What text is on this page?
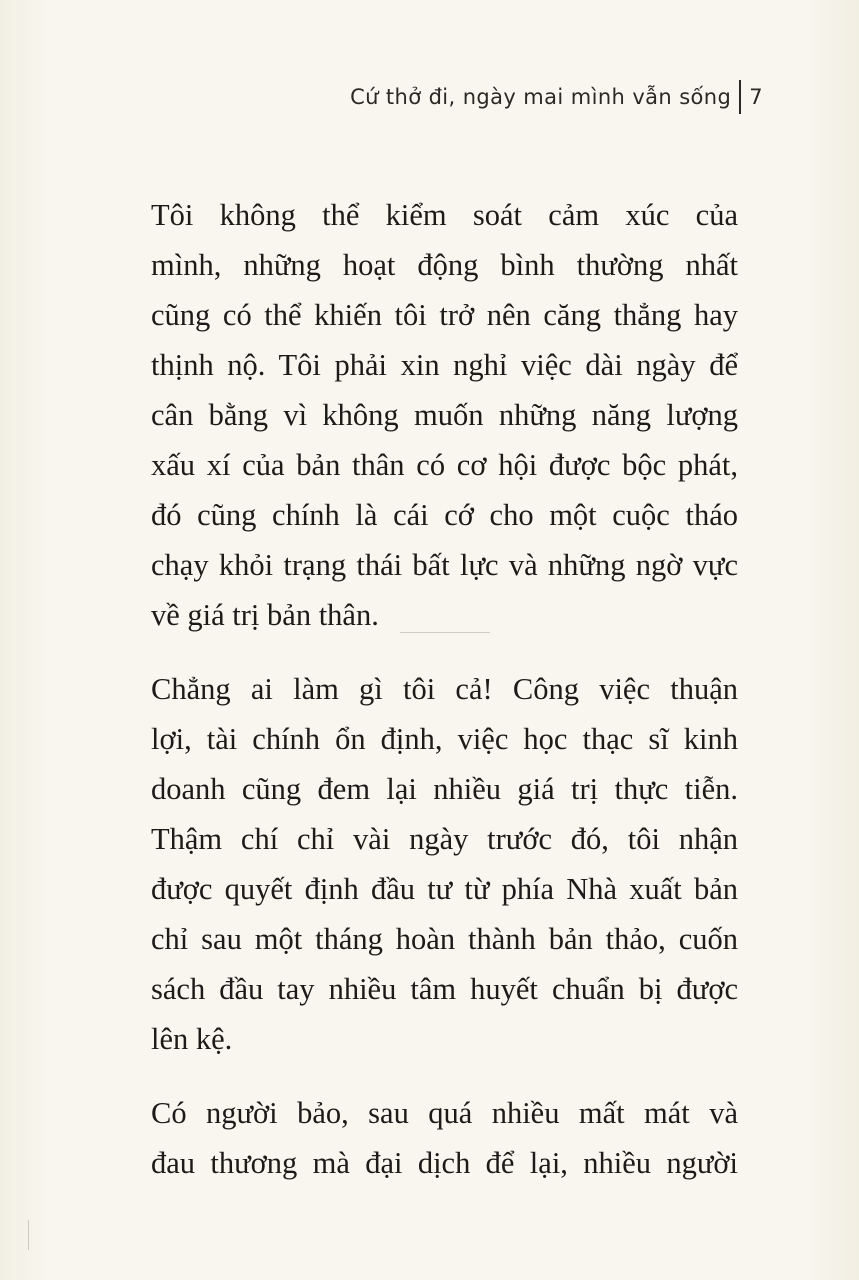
Cứ thở đi, ngày mai mình vẫn sống 7

Tôi không thể kiểm soát cảm xúc của
mình, những hoạt động bình thường nhất
cũng có thể khiến tôi trở nên căng thẳng hay
thịnh nộ. Tôi phải xin nghỉ việc dài ngày để
cân bằng vì không muốn những năng lượng
xấu xí của bản thân có cơ hội được bộc phát,
đó cũng chính là cái cớ cho một cuộc tháo
chạy khỏi trạng thái bất lực và những ngờ vực
về giá trị bản thân.

Chẳng ai làm gì tôi cả! Công việc thuận
lợi, tài chính ổn định, việc học thạc sĩ kinh
doanh cũng đem lại nhiều giá trị thực tiễn.
Thậm chí chỉ vài ngày trước đó, tôi nhận
được quyết định đầu tư từ phía Nhà xuất bản
chỉ sau một tháng hoàn thành bản thảo, cuốn
sách đầu tay nhiều tâm huyết chuẩn bị được
lên kệ.

Có người bảo, sau quá nhiều mất mát và
đau thương mà đại dịch để lại, nhiều người
